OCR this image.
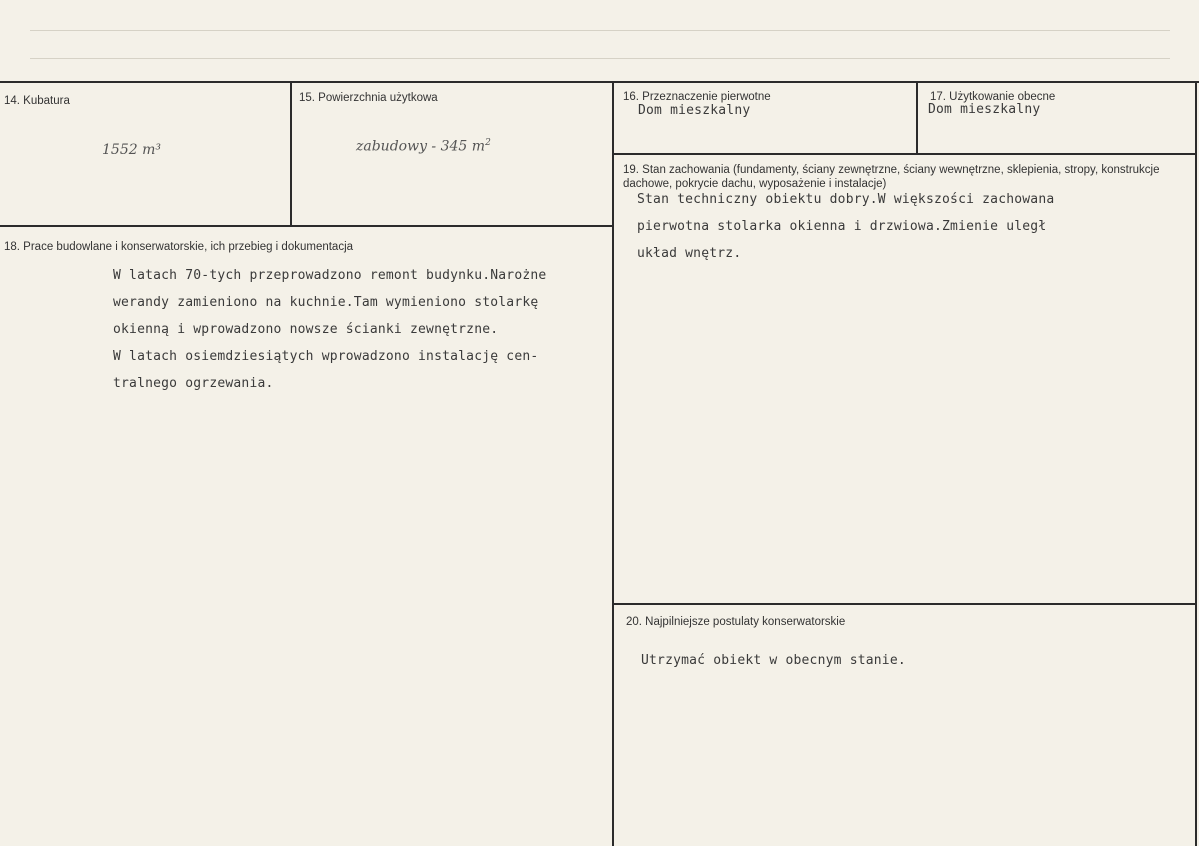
14. Kubatura
1552 m³
15. Powierzchnia użytkowa
zabudowy - 345 $m^2$
16. Przeznaczenie pierwotne
Dom mieszkalny
17. Użytkowanie obecne
Dom mieszkalny
19. Stan zachowania (fundamenty, ściany zewnętrzne, ściany wewnętrzne, sklepienia, stropy, konstrukcje dachowe, pokrycie dachu, wyposażenie i instalacje)
Stan techniczny obiektu dobry.W większości zachowana
pierwotna stolarka okienna i drzwiowa.Zmienie uległ
układ wnętrz.
18. Prace budowlane i konserwatorskie, ich przebieg i dokumentacja
W latach 70-tych przeprowadzono remont budynku.Narożne
werandy zamieniono na kuchnie.Tam wymieniono stolarkę
okienną i wprowadzono nowsze ścianki zewnętrzne.
W latach osiemdziesiątych wprowadzono instalację cen-
tralnego ogrzewania.
20. Najpilniejsze postulaty konserwatorskie
Utrzymać obiekt w obecnym stanie.
